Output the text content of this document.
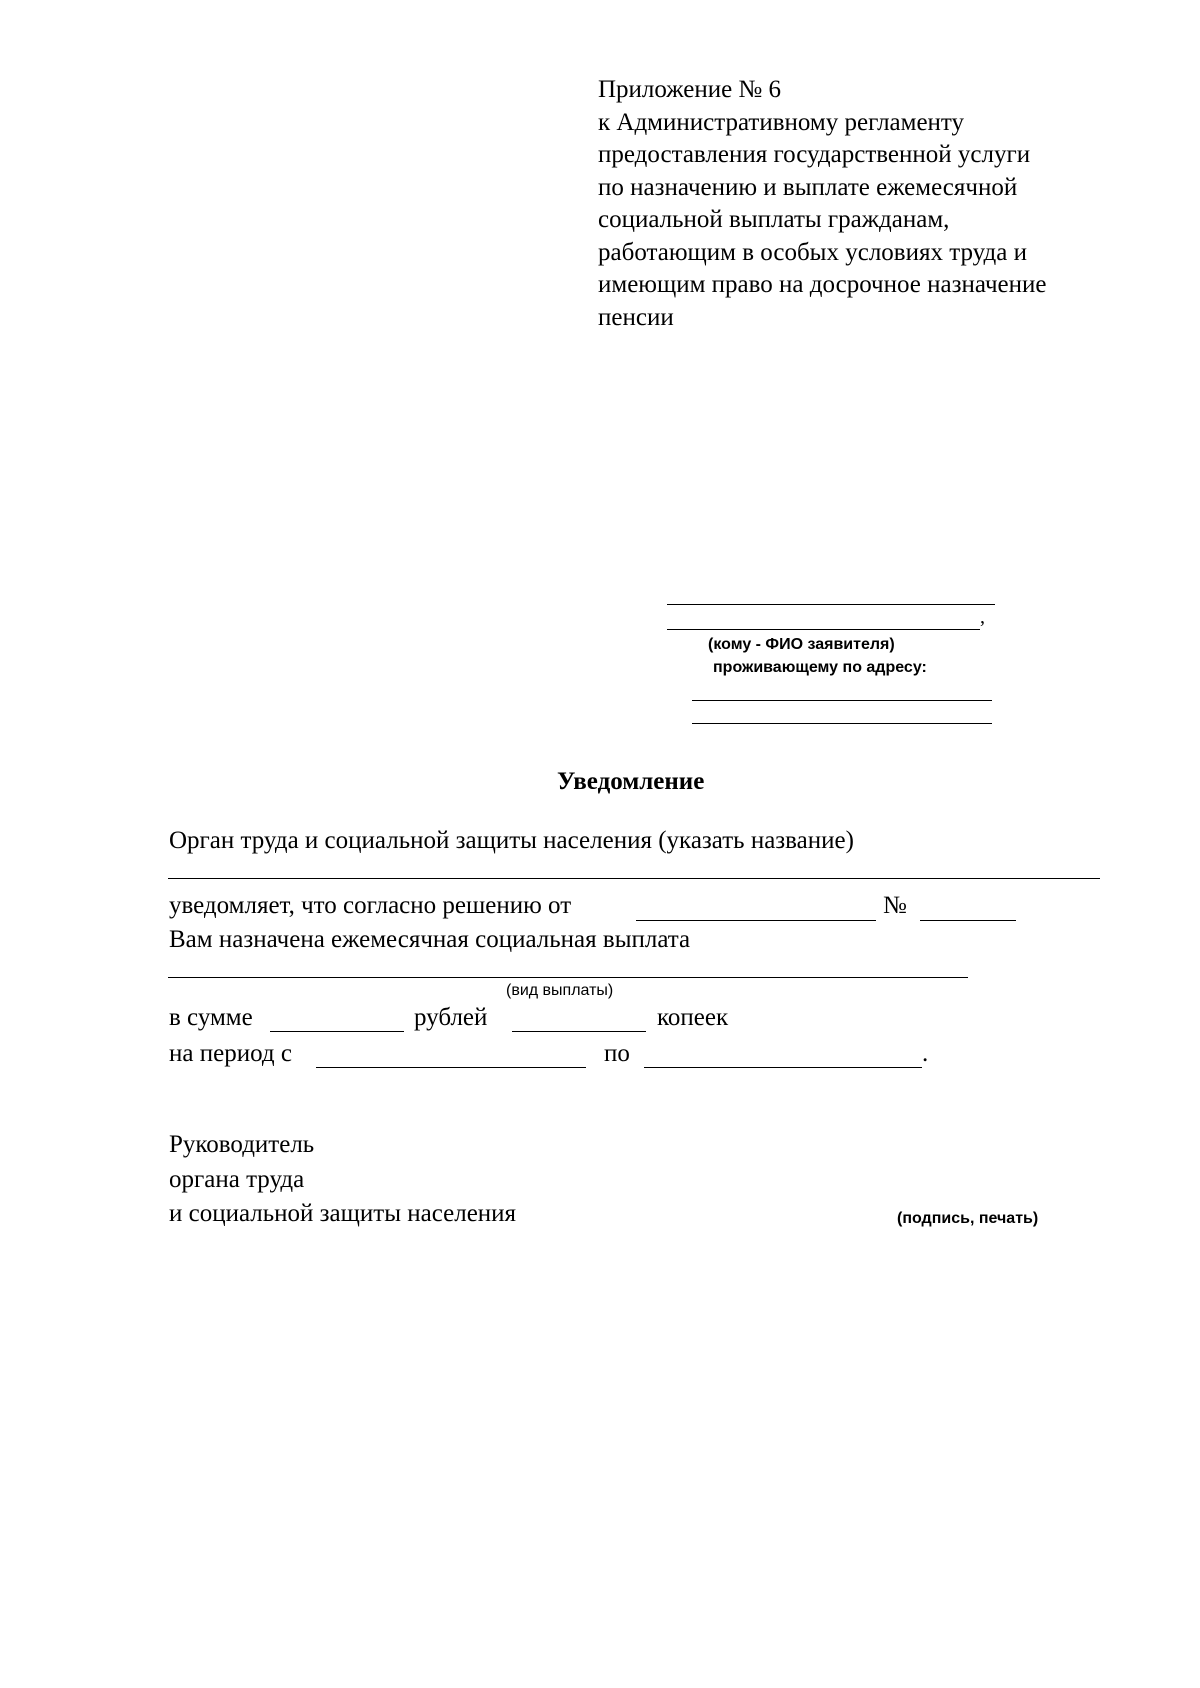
Приложение № 6
к Административному регламенту
предоставления государственной услуги
по назначению и выплате ежемесячной
социальной выплаты гражданам,
работающим в особых условиях труда и
имеющим право на досрочное назначение
пенсии
,
(кому - ФИО заявителя)
проживающему по адресу:
Уведомление
Орган труда и социальной защиты населения (указать название)
уведомляет, что согласно решению от	№
Вам назначена ежемесячная социальная выплата
(вид выплаты)
в сумме	рублей	копеек
на период с	по	.
Руководитель
органа труда
и социальной защиты населения	(подпись, печать)
